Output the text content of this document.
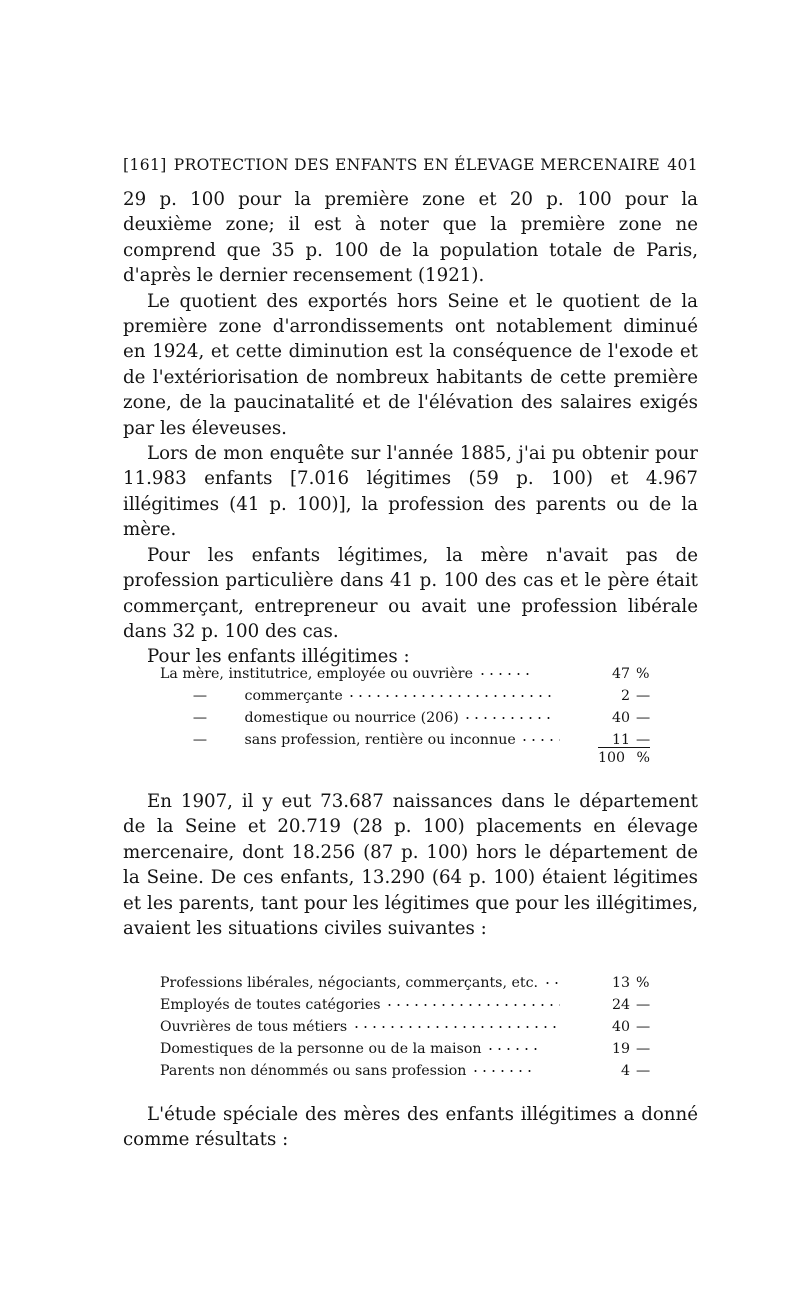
[161] PROTECTION DES ENFANTS EN ÉLEVAGE MERCENAIRE 401

29 p. 100 pour la première zone et 20 p. 100 pour la deuxième zone; il est à noter que la première zone ne comprend que 35 p. 100 de la population totale de Paris, d'après le dernier recensement (1921).

Le quotient des exportés hors Seine et le quotient de la première zone d'arrondissements ont notablement diminué en 1924, et cette diminution est la conséquence de l'exode et de l'extériorisation de nombreux habitants de cette première zone, de la paucinatalité et de l'élévation des salaires exigés par les éleveuses.

Lors de mon enquête sur l'année 1885, j'ai pu obtenir pour 11.983 enfants [7.016 légitimes (59 p. 100) et 4.967 illégitimes (41 p. 100)], la profession des parents ou de la mère.

Pour les enfants légitimes, la mère n'avait pas de profession particulière dans 41 p. 100 des cas et le père était commerçant, entrepreneur ou avait une profession libérale dans 32 p. 100 des cas.

Pour les enfants illégitimes :

La mère, institutrice, employée ou ouvrière	47	%
— commerçante	2	—
— domestique ou nourrice (206)	40	—
— sans profession, rentière ou inconnue	11	—
100 %

En 1907, il y eut 73.687 naissances dans le département de la Seine et 20.719 (28 p. 100) placements en élevage mercenaire, dont 18.256 (87 p. 100) hors le département de la Seine. De ces enfants, 13.290 (64 p. 100) étaient légitimes et les parents, tant pour les légitimes que pour les illégitimes, avaient les situations civiles suivantes :

Professions libérales, négociants, commerçants, etc.	13	%
Employés de toutes catégories	24	—
Ouvrières de tous métiers	40	—
Domestiques de la personne ou de la maison	19	—
Parents non dénommés ou sans profession	4	—

L'étude spéciale des mères des enfants illégitimes a donné comme résultats :
